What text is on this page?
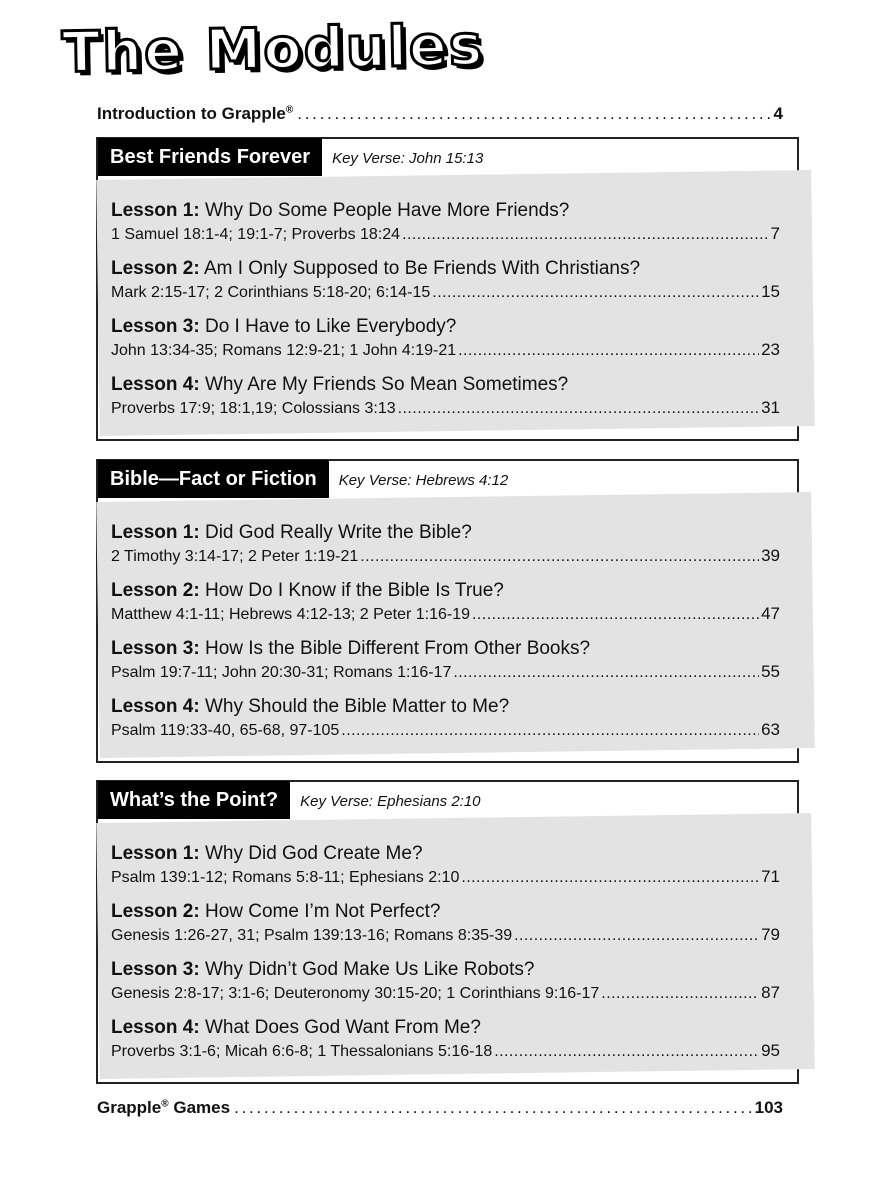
The Modules
Introduction to Grapple® . . .	4
Best Friends Forever	Key Verse: John 15:13
Lesson 1: Why Do Some People Have More Friends?
1 Samuel 18:1-4; 19:1-7; Proverbs 18:24 . . .	7
Lesson 2: Am I Only Supposed to Be Friends With Christians?
Mark 2:15-17; 2 Corinthians 5:18-20; 6:14-15 . . .	15
Lesson 3: Do I Have to Like Everybody?
John 13:34-35; Romans 12:9-21; 1 John 4:19-21 . . .	23
Lesson 4: Why Are My Friends So Mean Sometimes?
Proverbs 17:9; 18:1,19; Colossians 3:13 . . .	31
Bible—Fact or Fiction	Key Verse: Hebrews 4:12
Lesson 1: Did God Really Write the Bible?
2 Timothy 3:14-17; 2 Peter 1:19-21 . . .	39
Lesson 2: How Do I Know if the Bible Is True?
Matthew 4:1-11; Hebrews 4:12-13; 2 Peter 1:16-19 . . .	47
Lesson 3: How Is the Bible Different From Other Books?
Psalm 19:7-11; John 20:30-31; Romans 1:16-17 . . .	55
Lesson 4: Why Should the Bible Matter to Me?
Psalm 119:33-40, 65-68, 97-105 . . .	63
What’s the Point?	Key Verse: Ephesians 2:10
Lesson 1: Why Did God Create Me?
Psalm 139:1-12; Romans 5:8-11; Ephesians 2:10 . . .	71
Lesson 2: How Come I’m Not Perfect?
Genesis 1:26-27, 31; Psalm 139:13-16; Romans 8:35-39 . . .	79
Lesson 3: Why Didn’t God Make Us Like Robots?
Genesis 2:8-17; 3:1-6; Deuteronomy 30:15-20; 1 Corinthians 9:16-17 . . .	87
Lesson 4: What Does God Want From Me?
Proverbs 3:1-6; Micah 6:6-8; 1 Thessalonians 5:16-18 . . .	95
Grapple® Games . . .	103
